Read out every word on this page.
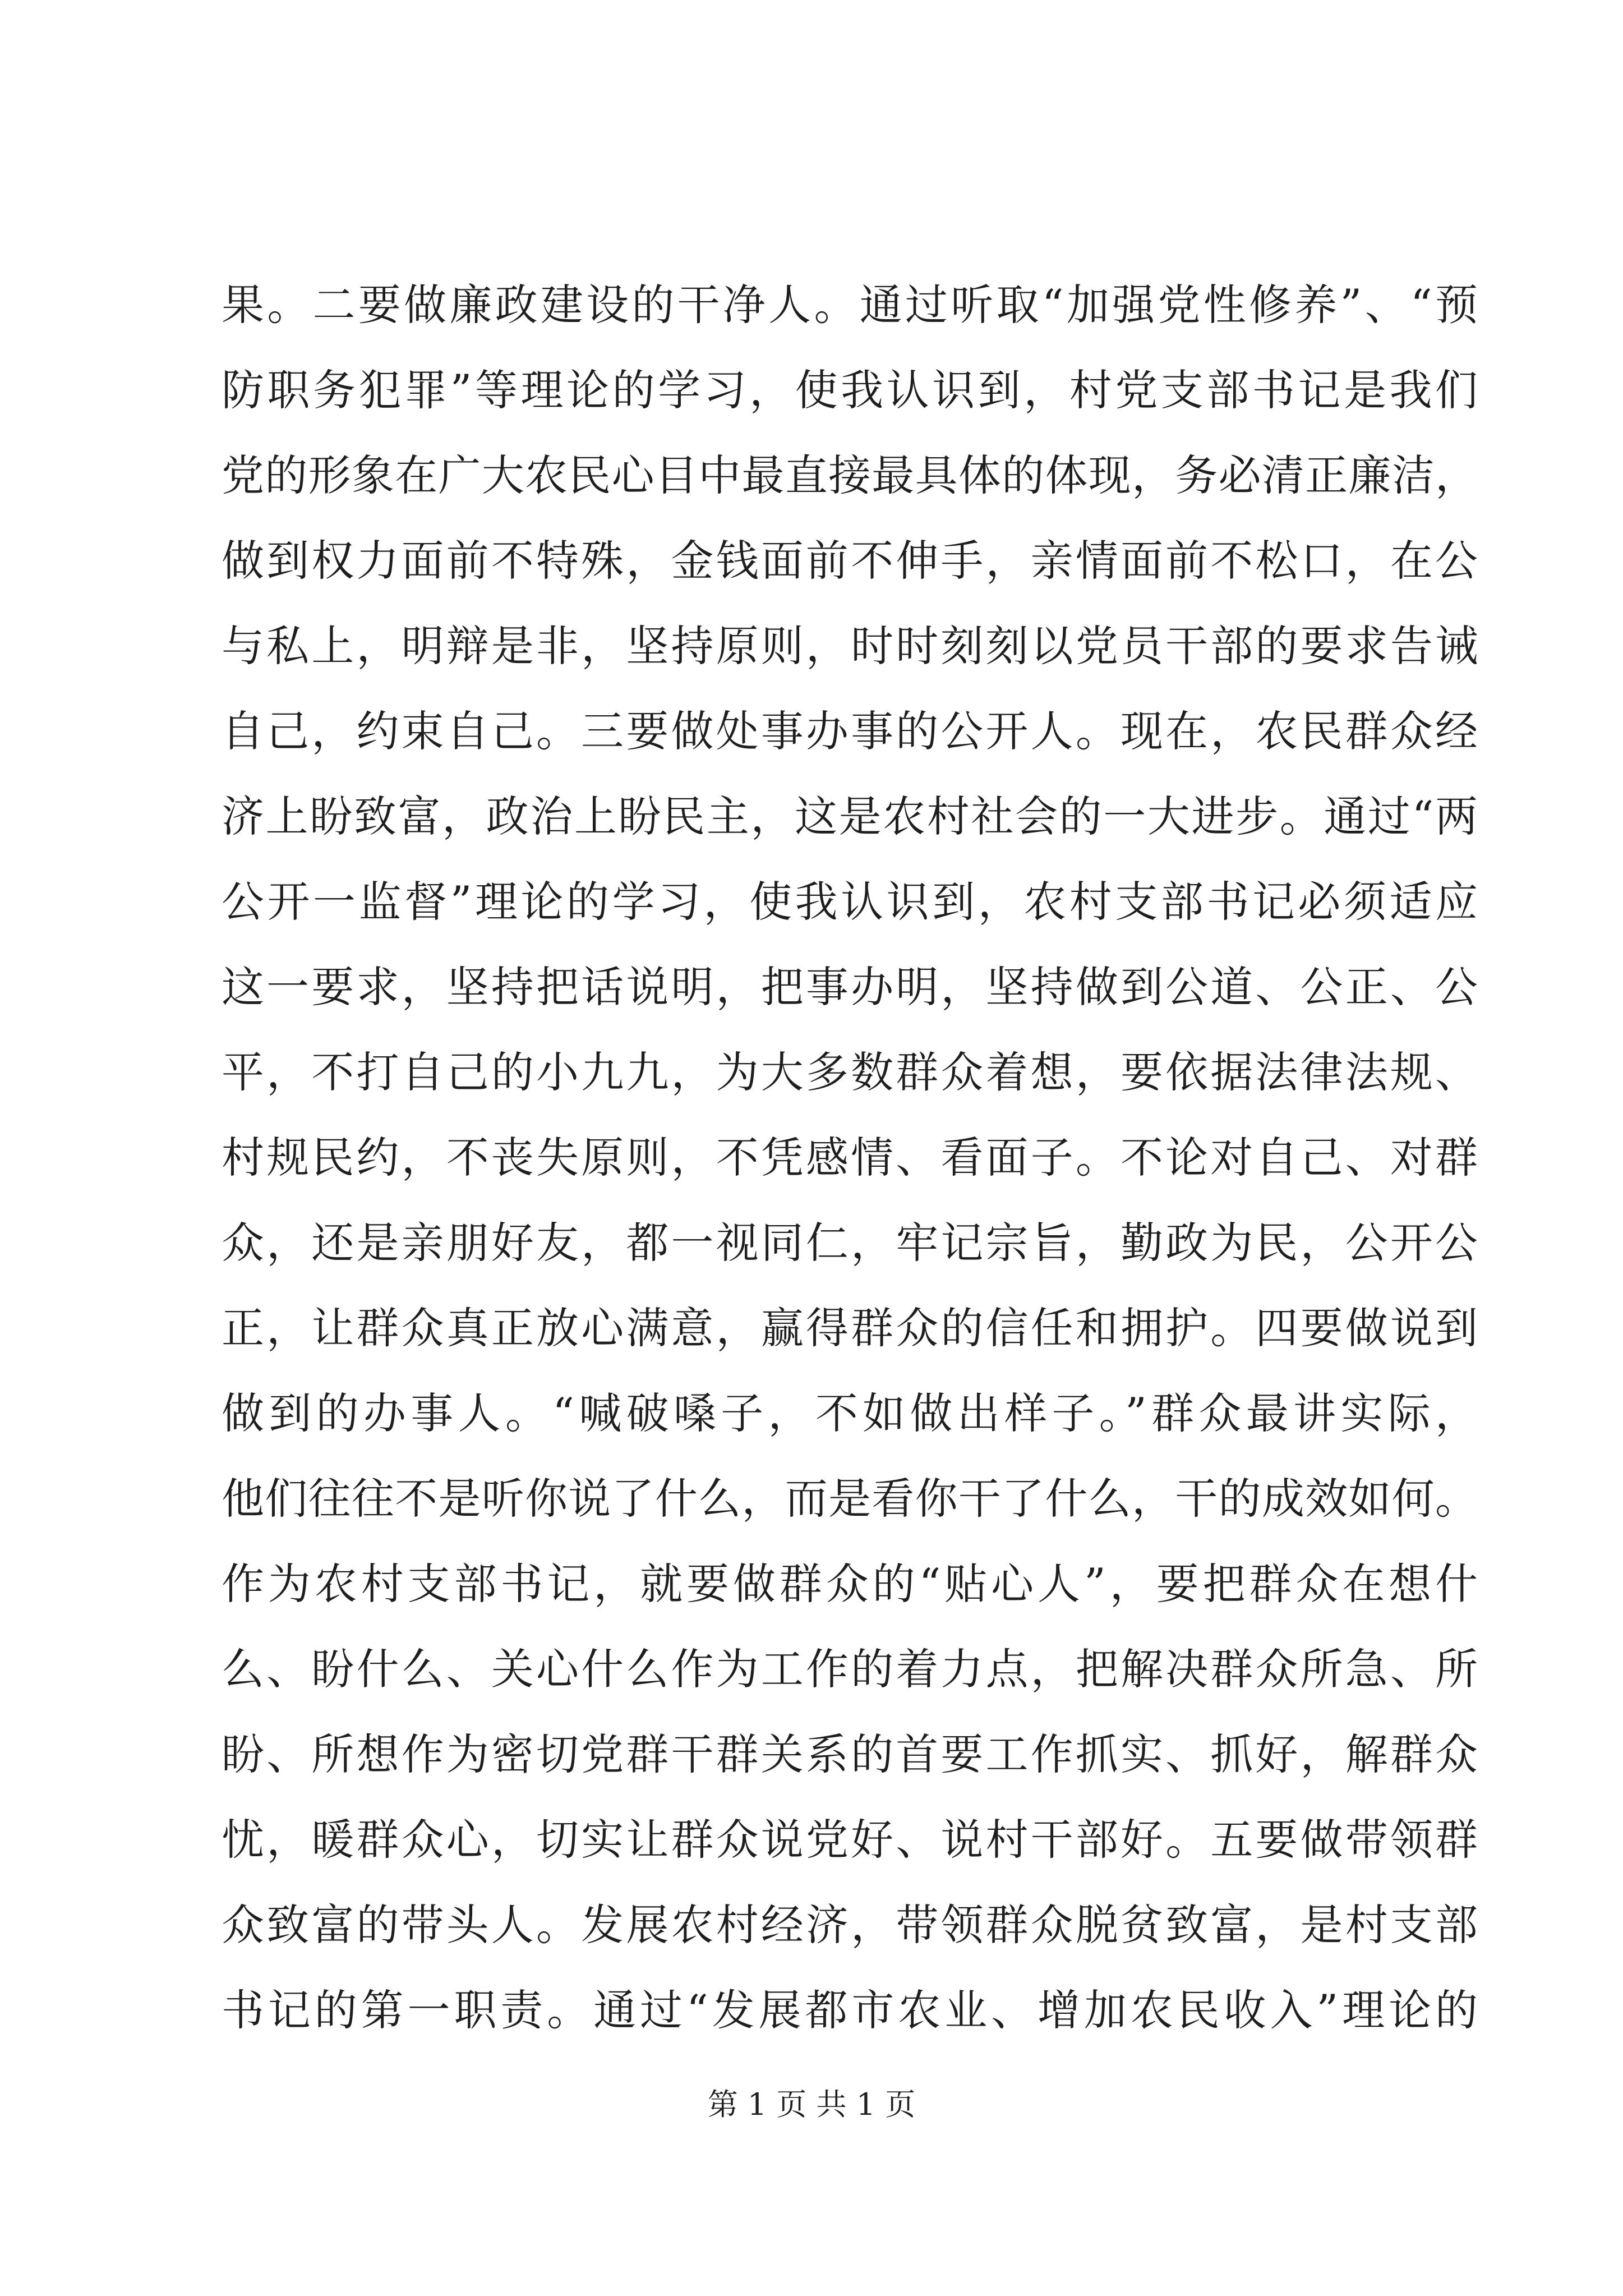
果。二要做廉政建设的干净人。通过听取“加强党性修养”、“预
防职务犯罪”等理论的学习，使我认识到，村党支部书记是我们
党的形象在广大农民心目中最直接最具体的体现，务必清正廉洁，
做到权力面前不特殊，金钱面前不伸手，亲情面前不松口，在公
与私上，明辩是非，坚持原则，时时刻刻以党员干部的要求告诫
自己，约束自己。三要做处事办事的公开人。现在，农民群众经
济上盼致富，政治上盼民主，这是农村社会的一大进步。通过“两
公开一监督”理论的学习，使我认识到，农村支部书记必须适应
这一要求，坚持把话说明，把事办明，坚持做到公道、公正、公
平，不打自己的小九九，为大多数群众着想，要依据法律法规、
村规民约，不丧失原则，不凭感情、看面子。不论对自己、对群
众，还是亲朋好友，都一视同仁，牢记宗旨，勤政为民，公开公
正，让群众真正放心满意，赢得群众的信任和拥护。四要做说到
做到的办事人。“喊破嗓子，不如做出样子。”群众最讲实际，
他们往往不是听你说了什么，而是看你干了什么，干的成效如何。
作为农村支部书记，就要做群众的“贴心人”，要把群众在想什
么、盼什么、关心什么作为工作的着力点，把解决群众所急、所
盼、所想作为密切党群干群关系的首要工作抓实、抓好，解群众
忧，暖群众心，切实让群众说党好、说村干部好。五要做带领群
众致富的带头人。发展农村经济，带领群众脱贫致富，是村支部
书记的第一职责。通过“发展都市农业、增加农民收入”理论的
第 1 页 共 1 页
